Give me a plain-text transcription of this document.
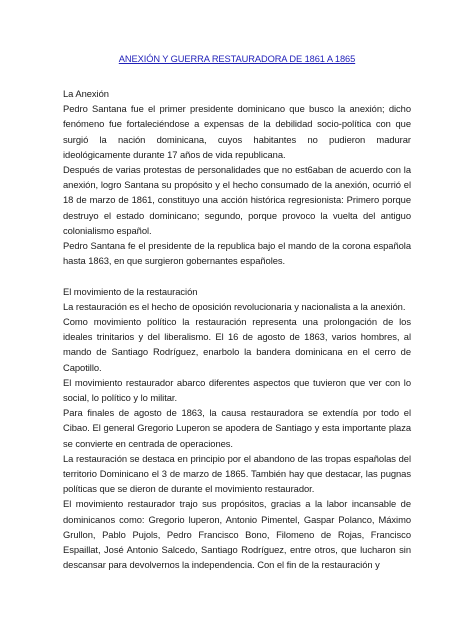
ANEXIÓN Y GUERRA RESTAURADORA DE 1861 A 1865

La Anexión

Pedro Santana fue el primer presidente dominicano que busco la anexión; dicho fenómeno fue fortaleciéndose a expensas de la debilidad socio-política con que surgió la nación dominicana, cuyos habitantes no pudieron madurar ideológicamente durante 17 años de vida republicana.

Después de varias protestas de personalidades que no est6aban de acuerdo con la anexión, logro Santana su propósito y el hecho consumado de la anexión, ocurrió el 18 de marzo de 1861, constituyo una acción histórica regresionista: Primero porque destruyo el estado dominicano; segundo, porque provoco la vuelta del antiguo colonialismo español.

Pedro Santana fe el presidente de la republica bajo el mando de la corona española hasta 1863, en que surgieron gobernantes españoles.

El movimiento de la restauración

La restauración es el hecho de oposición revolucionaria y nacionalista a la anexión.

Como movimiento político la restauración representa una prolongación de los ideales trinitarios y del liberalismo. El 16 de agosto de 1863, varios hombres, al mando de Santiago Rodríguez, enarbolo la bandera dominicana en el cerro de Capotillo.

El movimiento restaurador abarco diferentes aspectos que tuvieron que ver con lo social, lo político y lo militar.

Para finales de agosto de 1863, la causa restauradora se extendía por todo el Cibao. El general Gregorio Luperon se apodera de Santiago y esta importante plaza se convierte en centrada de operaciones.

La restauración se destaca en principio por el abandono de las tropas españolas del territorio Dominicano el 3 de marzo de 1865. También hay que destacar, las pugnas políticas que se dieron de durante el movimiento restaurador.

El movimiento restaurador trajo sus propósitos, gracias a la labor incansable de dominicanos como: Gregorio luperon, Antonio Pimentel, Gaspar Polanco, Máximo Grullon, Pablo Pujols, Pedro Francisco Bono, Filomeno de Rojas, Francisco Espaillat, José Antonio Salcedo, Santiago Rodríguez, entre otros, que lucharon sin descansar para devolvernos la independencia. Con el fin de la restauración y
